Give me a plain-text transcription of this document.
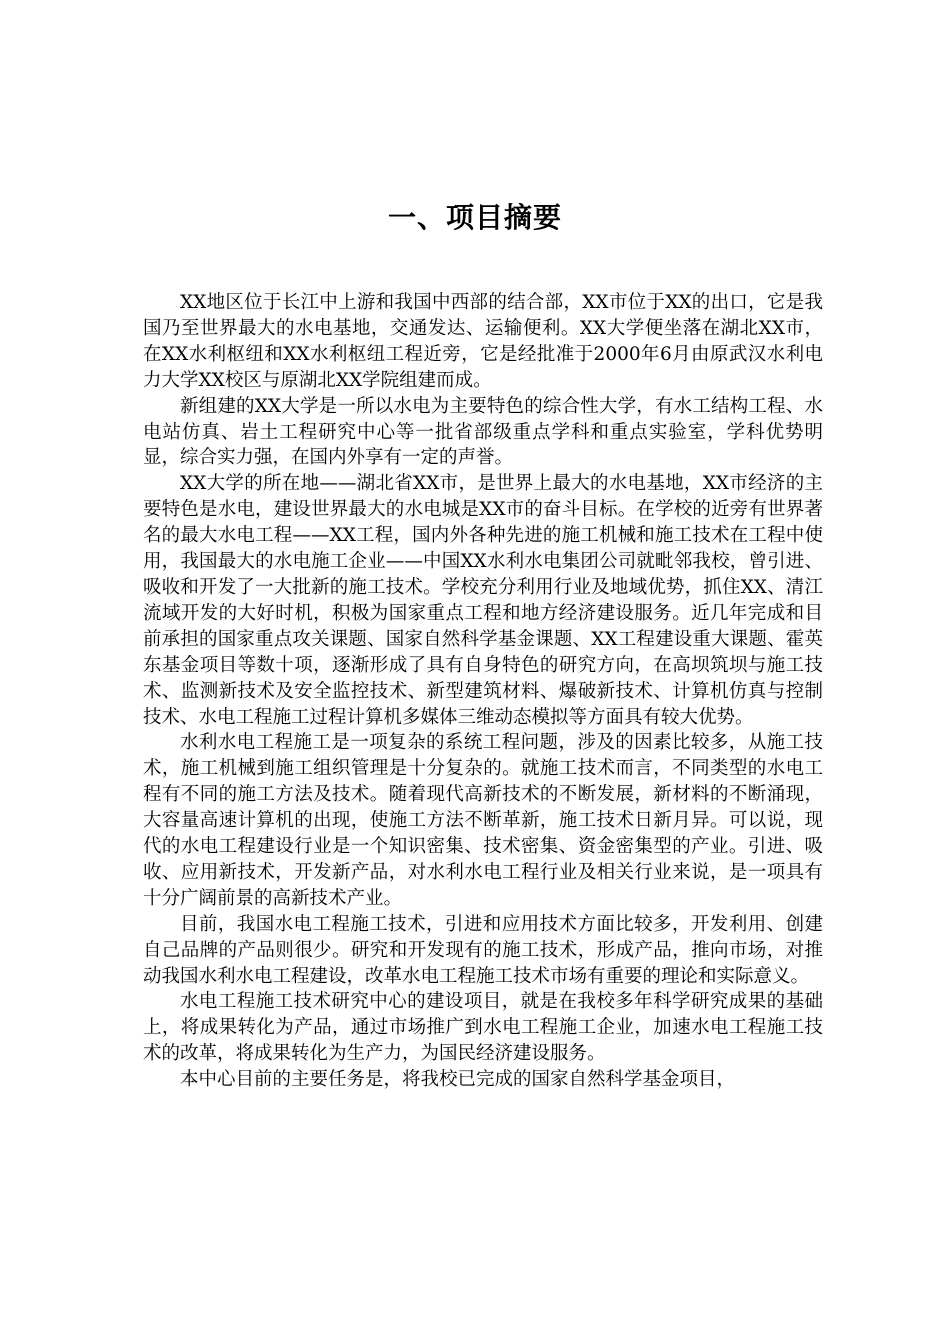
一、项目摘要

XX地区位于长江中上游和我国中西部的结合部，XX市位于XX的出口，它是我国乃至世界最大的水电基地，交通发达、运输便利。XX大学便坐落在湖北XX市，在XX水利枢纽和XX水利枢纽工程近旁，它是经批准于2000年6月由原武汉水利电力大学XX校区与原湖北XX学院组建而成。

新组建的XX大学是一所以水电为主要特色的综合性大学，有水工结构工程、水电站仿真、岩土工程研究中心等一批省部级重点学科和重点实验室，学科优势明显，综合实力强，在国内外享有一定的声誉。

XX大学的所在地——湖北省XX市，是世界上最大的水电基地，XX市经济的主要特色是水电，建设世界最大的水电城是XX市的奋斗目标。在学校的近旁有世界著名的最大水电工程——XX工程，国内外各种先进的施工机械和施工技术在工程中使用，我国最大的水电施工企业——中国XX水利水电集团公司就毗邻我校，曾引进、吸收和开发了一大批新的施工技术。学校充分利用行业及地域优势，抓住XX、清江流域开发的大好时机，积极为国家重点工程和地方经济建设服务。近几年完成和目前承担的国家重点攻关课题、国家自然科学基金课题、XX工程建设重大课题、霍英东基金项目等数十项，逐渐形成了具有自身特色的研究方向，在高坝筑坝与施工技术、监测新技术及安全监控技术、新型建筑材料、爆破新技术、计算机仿真与控制技术、水电工程施工过程计算机多媒体三维动态模拟等方面具有较大优势。

水利水电工程施工是一项复杂的系统工程问题，涉及的因素比较多，从施工技术，施工机械到施工组织管理是十分复杂的。就施工技术而言，不同类型的水电工程有不同的施工方法及技术。随着现代高新技术的不断发展，新材料的不断涌现，大容量高速计算机的出现，使施工方法不断革新，施工技术日新月异。可以说，现代的水电工程建设行业是一个知识密集、技术密集、资金密集型的产业。引进、吸收、应用新技术，开发新产品，对水利水电工程行业及相关行业来说，是一项具有十分广阔前景的高新技术产业。

目前，我国水电工程施工技术，引进和应用技术方面比较多，开发利用、创建自己品牌的产品则很少。研究和开发现有的施工技术，形成产品，推向市场，对推动我国水利水电工程建设，改革水电工程施工技术市场有重要的理论和实际意义。

水电工程施工技术研究中心的建设项目，就是在我校多年科学研究成果的基础上，将成果转化为产品，通过市场推广到水电工程施工企业，加速水电工程施工技术的改革，将成果转化为生产力，为国民经济建设服务。

本中心目前的主要任务是，将我校已完成的国家自然科学基金项目，
